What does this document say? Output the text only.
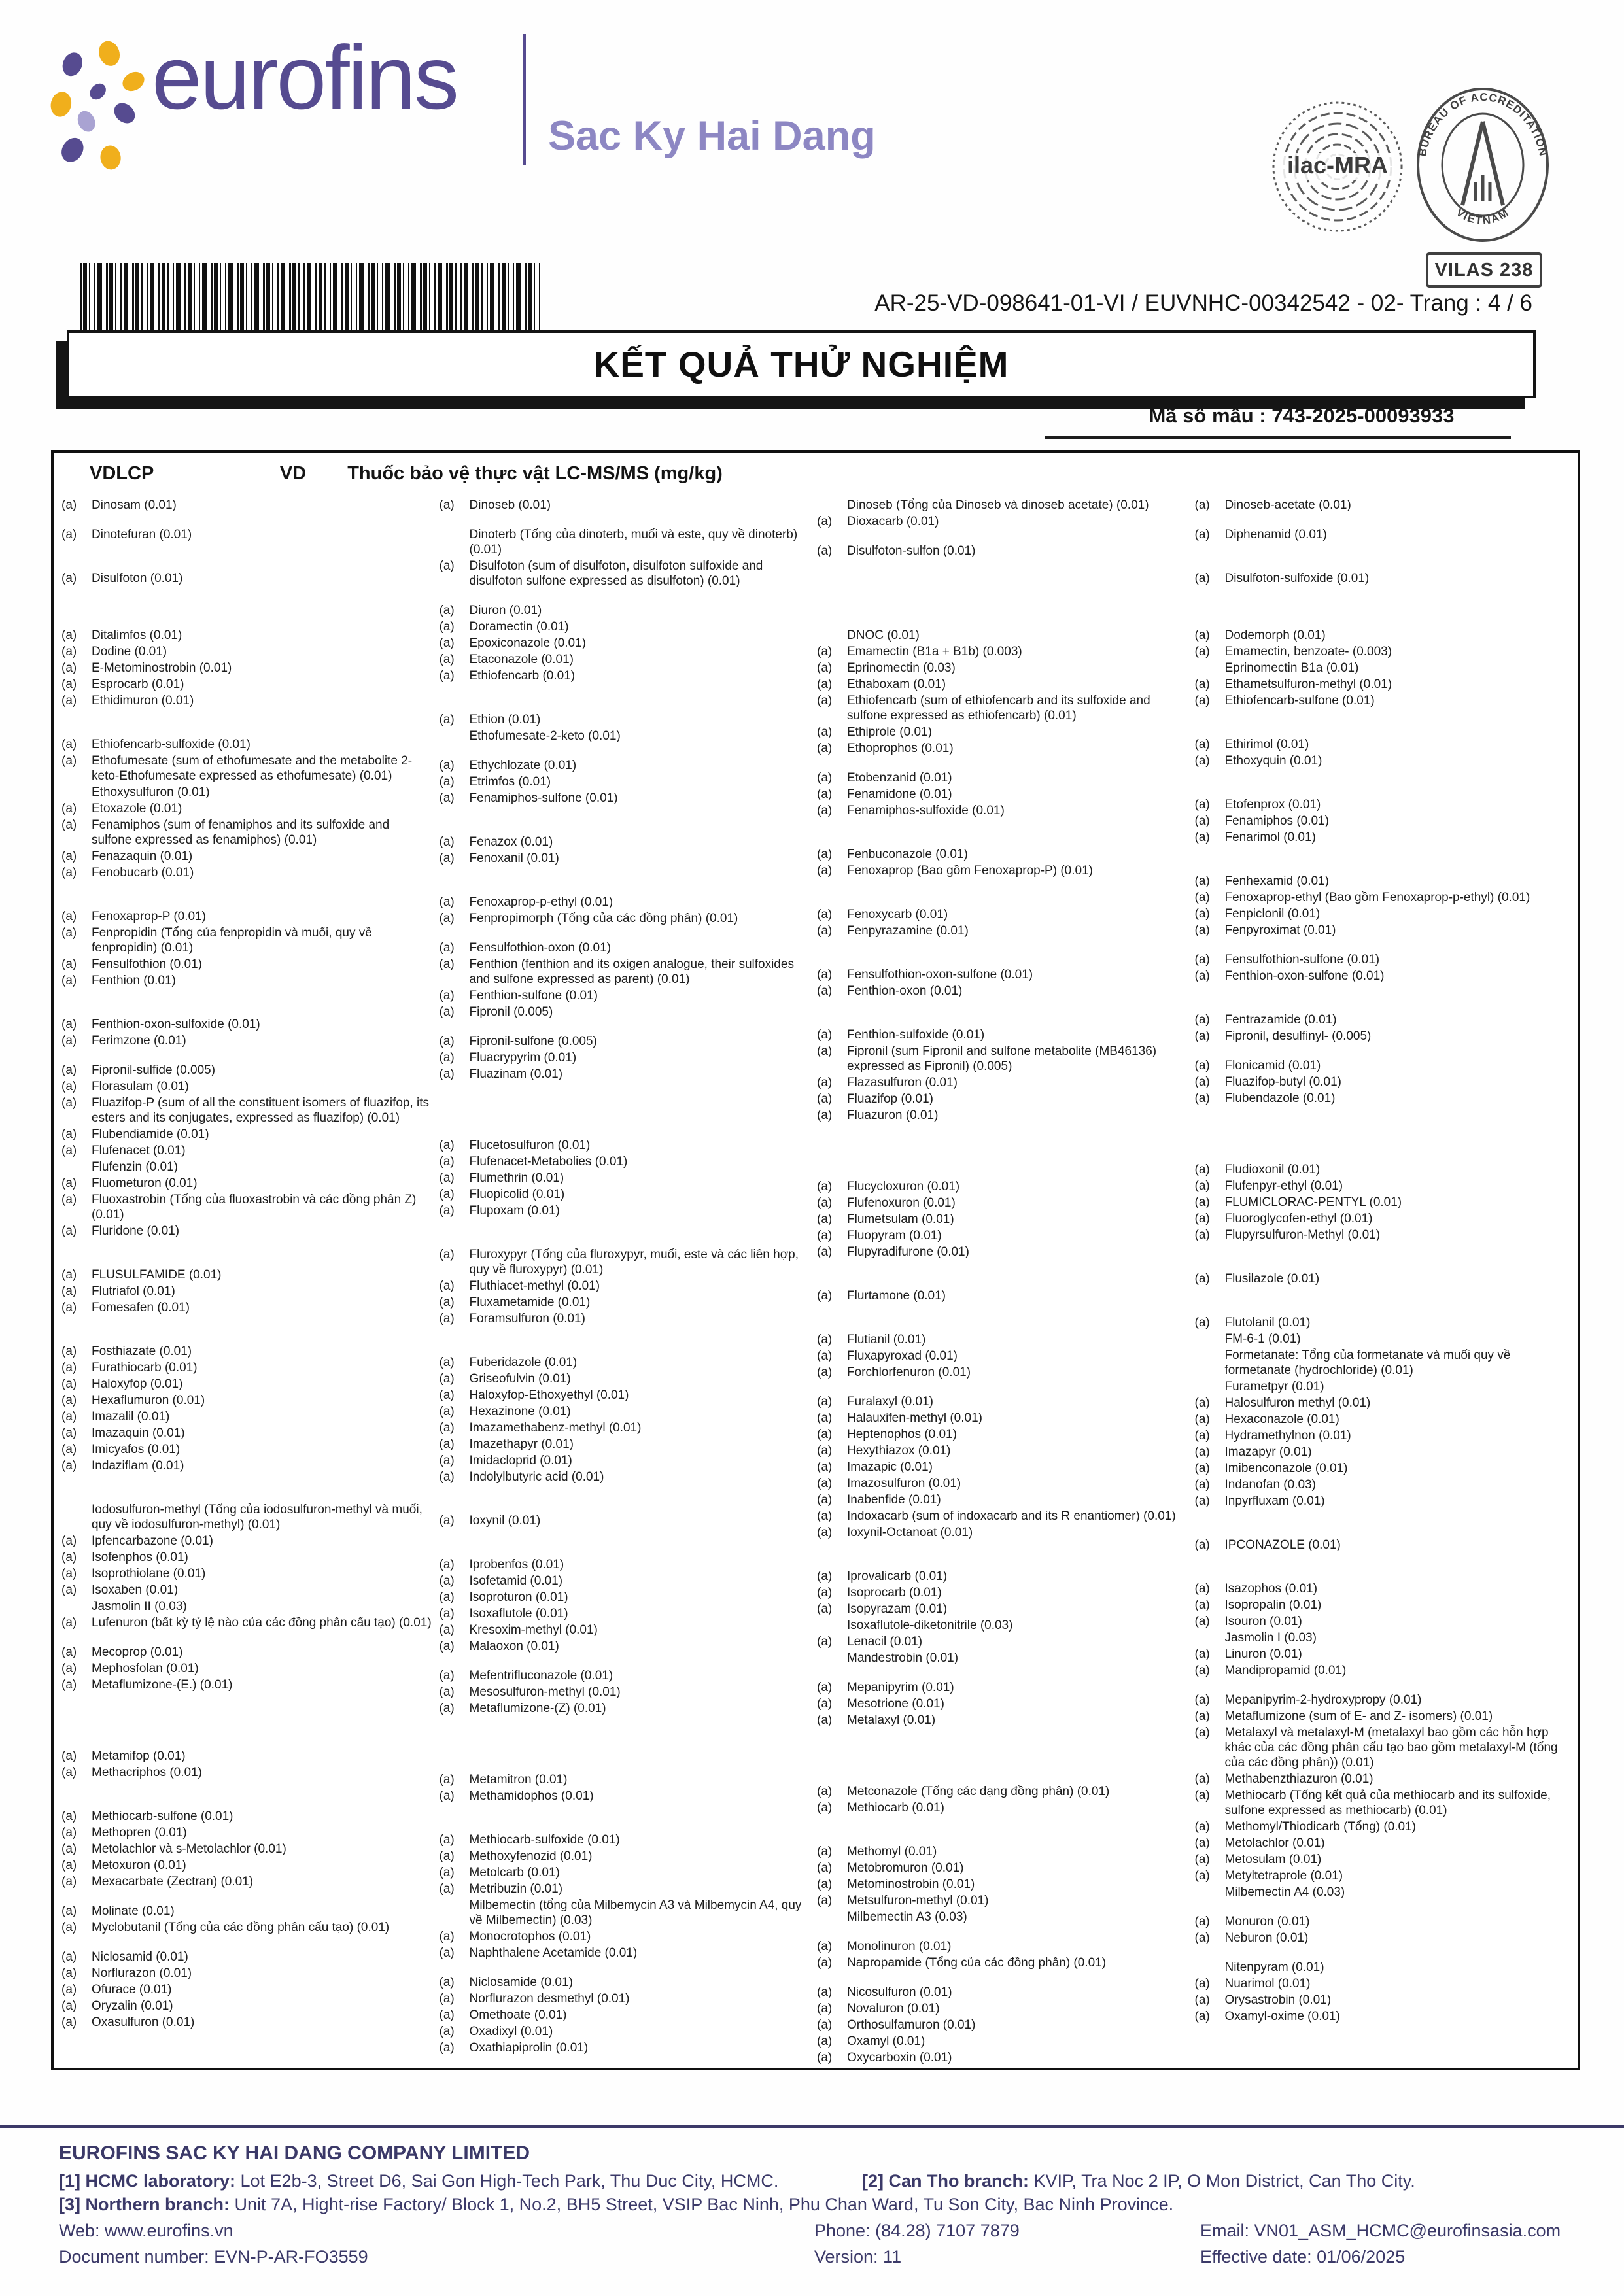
eurofins
Sac Ky Hai Dang
ilac-MRA	BUREAU OF ACCREDITATION
VIETNAM
VILAS 238
AR-25-VD-098641-01-VI / EUVNHC-00342542 - 02- Trang : 4 / 6
KẾT QUẢ THỬ NGHIỆM
Mã số mẫu : 743-2025-00093933
VDLCP	VD Thuốc bảo vệ thực vật LC-MS/MS (mg/kg)
(a)	Dinosam (0.01)
(a)	Dinotefuran (0.01)
(a)	Disulfoton (0.01)
(a)	Ditalimfos (0.01)
(a)	Dodine (0.01)
(a)	E-Metominostrobin (0.01)
(a)	Esprocarb (0.01)
(a)	Ethidimuron (0.01)
(a)	Ethiofencarb-sulfoxide (0.01)
(a)	Ethofumesate (sum of ethofumesate and the metabolite 2-keto-Ethofumesate expressed as ethofumesate) (0.01)
Ethoxysulfuron (0.01)
(a)	Etoxazole (0.01)
(a)	Fenamiphos (sum of fenamiphos and its sulfoxide and sulfone expressed as fenamiphos) (0.01)
(a)	Fenazaquin (0.01)
(a)	Fenobucarb (0.01)
(a)	Fenoxaprop-P (0.01)
(a)	Fenpropidin (Tổng của fenpropidin và muối, quy về fenpropidin) (0.01)
(a)	Fensulfothion (0.01)
(a)	Fenthion (0.01)
(a)	Fenthion-oxon-sulfoxide (0.01)
(a)	Ferimzone (0.01)
(a)	Fipronil-sulfide (0.005)
(a)	Florasulam (0.01)
(a)	Fluazifop-P (sum of all the constituent isomers of fluazifop, its esters and its conjugates, expressed as fluazifop) (0.01)
(a)	Flubendiamide (0.01)
(a)	Flufenacet (0.01)
Flufenzin (0.01)
(a)	Fluometuron (0.01)
(a)	Fluoxastrobin (Tổng của fluoxastrobin và các đồng phân Z) (0.01)
(a)	Fluridone (0.01)
(a)	FLUSULFAMIDE (0.01)
(a)	Flutriafol (0.01)
(a)	Fomesafen (0.01)
(a)	Fosthiazate (0.01)
(a)	Furathiocarb (0.01)
(a)	Haloxyfop (0.01)
(a)	Hexaflumuron (0.01)
(a)	Imazalil (0.01)
(a)	Imazaquin (0.01)
(a)	Imicyafos (0.01)
(a)	Indaziflam (0.01)
Iodosulfuron-methyl (Tổng của iodosulfuron-methyl và muối, quy về iodosulfuron-methyl) (0.01)
(a)	Ipfencarbazone (0.01)
(a)	Isofenphos (0.01)
(a)	Isoprothiolane (0.01)
(a)	Isoxaben (0.01)
Jasmolin II (0.03)
(a)	Lufenuron (bất kỳ tỷ lệ nào của các đồng phân cấu tạo) (0.01)
(a)	Mecoprop (0.01)
(a)	Mephosfolan (0.01)
(a)	Metaflumizone-(E.) (0.01)
(a)	Metamifop (0.01)
(a)	Methacriphos (0.01)
(a)	Methiocarb-sulfone (0.01)
(a)	Methopren (0.01)
(a)	Metolachlor và s-Metolachlor (0.01)
(a)	Metoxuron (0.01)
(a)	Mexacarbate (Zectran) (0.01)
(a)	Molinate (0.01)
(a)	Myclobutanil (Tổng của các đồng phân cấu tạo) (0.01)
(a)	Niclosamid (0.01)
(a)	Norflurazon (0.01)
(a)	Ofurace (0.01)
(a)	Oryzalin (0.01)
(a)	Oxasulfuron (0.01)
(a)	Dinoseb (0.01)
Dinoterb (Tổng của dinoterb, muối và este, quy về dinoterb) (0.01)
(a)	Disulfoton (sum of disulfoton, disulfoton sulfoxide and disulfoton sulfone expressed as disulfoton) (0.01)
(a)	Diuron (0.01)
(a)	Doramectin (0.01)
(a)	Epoxiconazole (0.01)
(a)	Etaconazole (0.01)
(a)	Ethiofencarb (0.01)
(a)	Ethion (0.01)
Ethofumesate-2-keto (0.01)
(a)	Ethychlozate (0.01)
(a)	Etrimfos (0.01)
(a)	Fenamiphos-sulfone (0.01)
(a)	Fenazox (0.01)
(a)	Fenoxanil (0.01)
(a)	Fenoxaprop-p-ethyl (0.01)
(a)	Fenpropimorph (Tổng của các đồng phân) (0.01)
(a)	Fensulfothion-oxon (0.01)
(a)	Fenthion (fenthion and its oxigen analogue, their sulfoxides and sulfone expressed as parent) (0.01)
(a)	Fenthion-sulfone (0.01)
(a)	Fipronil (0.005)
(a)	Fipronil-sulfone (0.005)
(a)	Fluacrypyrim (0.01)
(a)	Fluazinam (0.01)
(a)	Flucetosulfuron (0.01)
(a)	Flufenacet-Metabolies (0.01)
(a)	Flumethrin (0.01)
(a)	Fluopicolid (0.01)
(a)	Flupoxam (0.01)
(a)	Fluroxypyr (Tổng của fluroxypyr, muối, este và các liên hợp, quy về fluroxypyr) (0.01)
(a)	Fluthiacet-methyl (0.01)
(a)	Fluxametamide (0.01)
(a)	Foramsulfuron (0.01)
(a)	Fuberidazole (0.01)
(a)	Griseofulvin (0.01)
(a)	Haloxyfop-Ethoxyethyl (0.01)
(a)	Hexazinone (0.01)
(a)	Imazamethabenz-methyl (0.01)
(a)	Imazethapyr (0.01)
(a)	Imidacloprid (0.01)
(a)	Indolylbutyric acid (0.01)
(a)	Ioxynil (0.01)
(a)	Iprobenfos (0.01)
(a)	Isofetamid (0.01)
(a)	Isoproturon (0.01)
(a)	Isoxaflutole (0.01)
(a)	Kresoxim-methyl (0.01)
(a)	Malaoxon (0.01)
(a)	Mefentrifluconazole (0.01)
(a)	Mesosulfuron-methyl (0.01)
(a)	Metaflumizone-(Z) (0.01)
(a)	Metamitron (0.01)
(a)	Methamidophos (0.01)
(a)	Methiocarb-sulfoxide (0.01)
(a)	Methoxyfenozid (0.01)
(a)	Metolcarb (0.01)
(a)	Metribuzin (0.01)
Milbemectin (tổng của Milbemycin A3 và Milbemycin A4, quy về Milbemectin) (0.03)
(a)	Monocrotophos (0.01)
(a)	Naphthalene Acetamide (0.01)
(a)	Niclosamide (0.01)
(a)	Norflurazon desmethyl (0.01)
(a)	Omethoate (0.01)
(a)	Oxadixyl (0.01)
(a)	Oxathiapiprolin (0.01)
Dinoseb (Tổng của Dinoseb và dinoseb acetate) (0.01)
(a)	Dioxacarb (0.01)
(a)	Disulfoton-sulfon (0.01)
DNOC (0.01)
(a)	Emamectin (B1a + B1b) (0.003)
(a)	Eprinomectin (0.03)
(a)	Ethaboxam (0.01)
(a)	Ethiofencarb (sum of ethiofencarb and its sulfoxide and sulfone expressed as ethiofencarb) (0.01)
(a)	Ethiprole (0.01)
(a)	Ethoprophos (0.01)
(a)	Etobenzanid (0.01)
(a)	Fenamidone (0.01)
(a)	Fenamiphos-sulfoxide (0.01)
(a)	Fenbuconazole (0.01)
(a)	Fenoxaprop (Bao gồm Fenoxaprop-P) (0.01)
(a)	Fenoxycarb (0.01)
(a)	Fenpyrazamine (0.01)
(a)	Fensulfothion-oxon-sulfone (0.01)
(a)	Fenthion-oxon (0.01)
(a)	Fenthion-sulfoxide (0.01)
(a)	Fipronil (sum Fipronil and sulfone metabolite (MB46136) expressed as Fipronil) (0.005)
(a)	Flazasulfuron (0.01)
(a)	Fluazifop (0.01)
(a)	Fluazuron (0.01)
(a)	Flucycloxuron (0.01)
(a)	Flufenoxuron (0.01)
(a)	Flumetsulam (0.01)
(a)	Fluopyram (0.01)
(a)	Flupyradifurone (0.01)
(a)	Flurtamone (0.01)
(a)	Flutianil (0.01)
(a)	Fluxapyroxad (0.01)
(a)	Forchlorfenuron (0.01)
(a)	Furalaxyl (0.01)
(a)	Halauxifen-methyl (0.01)
(a)	Heptenophos (0.01)
(a)	Hexythiazox (0.01)
(a)	Imazapic (0.01)
(a)	Imazosulfuron (0.01)
(a)	Inabenfide (0.01)
(a)	Indoxacarb (sum of indoxacarb and its R enantiomer) (0.01)
(a)	Ioxynil-Octanoat (0.01)
(a)	Iprovalicarb (0.01)
(a)	Isoprocarb (0.01)
(a)	Isopyrazam (0.01)
Isoxaflutole-diketonitrile (0.03)
(a)	Lenacil (0.01)
Mandestrobin (0.01)
(a)	Mepanipyrim (0.01)
(a)	Mesotrione (0.01)
(a)	Metalaxyl (0.01)
(a)	Metconazole (Tổng các dạng đồng phân) (0.01)
(a)	Methiocarb (0.01)
(a)	Methomyl (0.01)
(a)	Metobromuron (0.01)
(a)	Metominostrobin (0.01)
(a)	Metsulfuron-methyl (0.01)
Milbemectin A3 (0.03)
(a)	Monolinuron (0.01)
(a)	Napropamide (Tổng của các đồng phân) (0.01)
(a)	Nicosulfuron (0.01)
(a)	Novaluron (0.01)
(a)	Orthosulfamuron (0.01)
(a)	Oxamyl (0.01)
(a)	Oxycarboxin (0.01)
(a)	Dinoseb-acetate (0.01)
(a)	Diphenamid (0.01)
(a)	Disulfoton-sulfoxide (0.01)
(a)	Dodemorph (0.01)
(a)	Emamectin, benzoate- (0.003)
Eprinomectin B1a (0.01)
(a)	Ethametsulfuron-methyl (0.01)
(a)	Ethiofencarb-sulfone (0.01)
(a)	Ethirimol (0.01)
(a)	Ethoxyquin (0.01)
(a)	Etofenprox (0.01)
(a)	Fenamiphos (0.01)
(a)	Fenarimol (0.01)
(a)	Fenhexamid (0.01)
(a)	Fenoxaprop-ethyl (Bao gồm Fenoxaprop-p-ethyl) (0.01)
(a)	Fenpiclonil (0.01)
(a)	Fenpyroximat (0.01)
(a)	Fensulfothion-sulfone (0.01)
(a)	Fenthion-oxon-sulfone (0.01)
(a)	Fentrazamide (0.01)
(a)	Fipronil, desulfinyl- (0.005)
(a)	Flonicamid (0.01)
(a)	Fluazifop-butyl (0.01)
(a)	Flubendazole (0.01)
(a)	Fludioxonil (0.01)
(a)	Flufenpyr-ethyl (0.01)
(a)	FLUMICLORAC-PENTYL (0.01)
(a)	Fluoroglycofen-ethyl (0.01)
(a)	Flupyrsulfuron-Methyl (0.01)
(a)	Flusilazole (0.01)
(a)	Flutolanil (0.01)
FM-6-1 (0.01)
Formetanate: Tổng của formetanate và muối quy về formetanate (hydrochloride) (0.01)
Furametpyr (0.01)
(a)	Halosulfuron methyl (0.01)
(a)	Hexaconazole (0.01)
(a)	Hydramethylnon (0.01)
(a)	Imazapyr (0.01)
(a)	Imibenconazole (0.01)
(a)	Indanofan (0.03)
(a)	Inpyrfluxam (0.01)
(a)	IPCONAZOLE (0.01)
(a)	Isazophos (0.01)
(a)	Isopropalin (0.01)
(a)	Isouron (0.01)
Jasmolin I (0.03)
(a)	Linuron (0.01)
(a)	Mandipropamid (0.01)
(a)	Mepanipyrim-2-hydroxypropy (0.01)
(a)	Metaflumizone (sum of E- and Z- isomers) (0.01)
(a)	Metalaxyl và metalaxyl-M (metalaxyl bao gồm các hỗn hợp khác của các đồng phân cấu tạo bao gồm metalaxyl-M (tổng của các đồng phân)) (0.01)
(a)	Methabenzthiazuron (0.01)
(a)	Methiocarb (Tổng kết quả của methiocarb and its sulfoxide, sulfone expressed as methiocarb) (0.01)
(a)	Methomyl/Thiodicarb (Tổng) (0.01)
(a)	Metolachlor (0.01)
(a)	Metosulam (0.01)
(a)	Metyltetraprole (0.01)
Milbemectin A4 (0.03)
(a)	Monuron (0.01)
(a)	Neburon (0.01)
Nitenpyram (0.01)
(a)	Nuarimol (0.01)
(a)	Orysastrobin (0.01)
(a)	Oxamyl-oxime (0.01)
EUROFINS SAC KY HAI DANG COMPANY LIMITED
[1] HCMC laboratory: Lot E2b-3, Street D6, Sai Gon High-Tech Park, Thu Duc City, HCMC.	[2] Can Tho branch: KVIP, Tra Noc 2 IP, O Mon District, Can Tho City.
[3] Northern branch: Unit 7A, Hight-rise Factory/ Block 1, No.2, BH5 Street, VSIP Bac Ninh, Phu Chan Ward, Tu Son City, Bac Ninh Province.
Web: www.eurofins.vn	Phone: (84.28) 7107 7879	Email: VN01_ASM_HCMC@eurofinsasia.com
Document number: EVN-P-AR-FO3559	Version: 11	Effective date: 01/06/2025
